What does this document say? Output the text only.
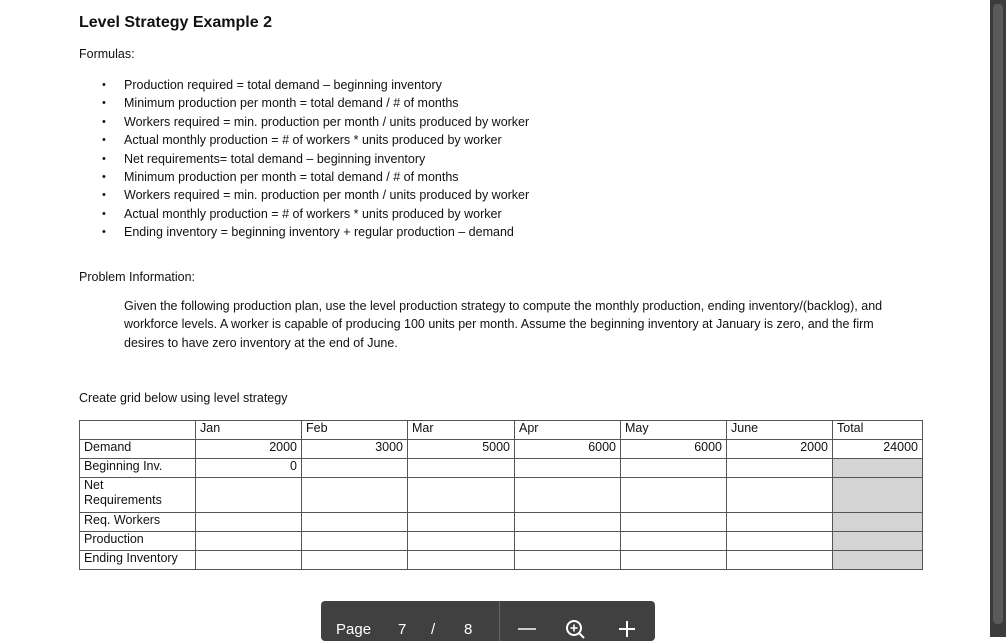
Level Strategy Example 2
Formulas:
• Production required = total demand – beginning inventory
• Minimum production per month = total demand / # of months
• Workers required = min. production per month / units produced by worker
• Actual monthly production = # of workers * units produced by worker
• Net requirements= total demand – beginning inventory
• Minimum production per month = total demand / # of months
• Workers required = min. production per month / units produced by worker
• Actual monthly production = # of workers * units produced by worker
• Ending inventory = beginning inventory + regular production – demand
Problem Information:
Given the following production plan, use the level production strategy to compute the monthly production, ending inventory/(backlog), and workforce levels. A worker is capable of producing 100 units per month. Assume the beginning inventory at January is zero, and the firm desires to have zero inventory at the end of June.
Create grid below using level strategy
	Jan	Feb	Mar	Apr	May	June	Total
Demand	2000	3000	5000	6000	6000	2000	24000
Beginning Inv.	0						
Net
Requirements							
Req. Workers							
Production							
Ending Inventory							
Page 7 / 8
